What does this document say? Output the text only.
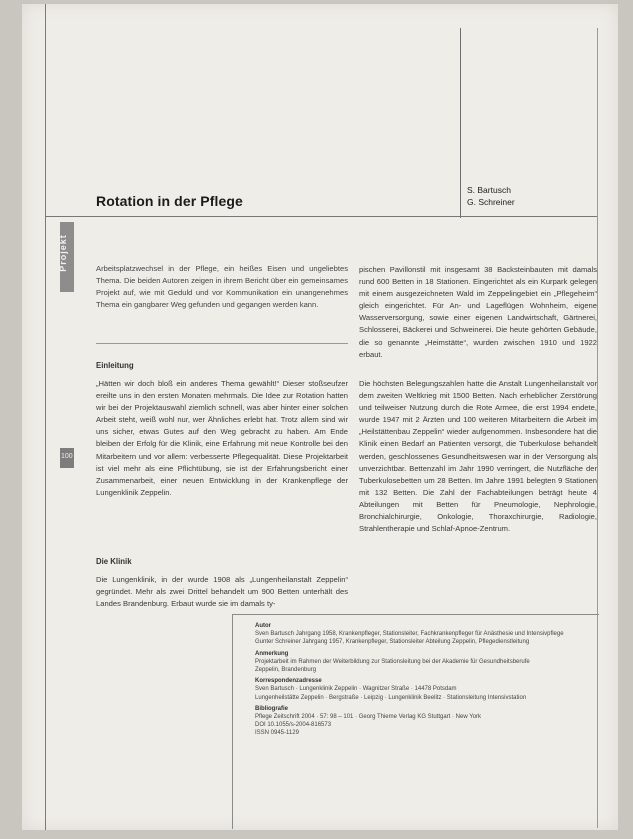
Rotation in der Pflege
S. Bartusch
G. Schreiner
Projekt
100
Arbeitsplatzwechsel in der Pflege, ein heißes Eisen und ungeliebtes Thema. Die beiden Autoren zeigen in ihrem Bericht über ein gemeinsames Projekt auf, wie mit Geduld und vor Kommunikation ein unangenehmes Thema ein gangbarer Weg gefunden und gegangen werden kann.
Einleitung
„Hätten wir doch bloß ein anderes Thema gewählt!“ Dieser stoßseufzer ereilte uns in den ersten Monaten mehrmals. Die Idee zur Rotation hatten wir bei der Projektauswahl ziemlich schnell, was aber hinter einer solchen Arbeit steht, weiß wohl nur, wer Ähnliches erlebt hat. Trotz allem sind wir uns sicher, etwas Gutes auf den Weg gebracht zu haben. Am Ende bleiben der Erfolg für die Klinik, eine Erfahrung mit neue Kontrolle bei den Mitarbeitern und vor allem: verbesserte Pflegequalität. Diese Projektarbeit ist viel mehr als eine Pflichtübung, sie ist der Erfahrungsbericht einer Zusammenarbeit, einer neuen Entwicklung in der Krankenpflege der Lungenklinik Zeppelin.
Die Klinik
Die Lungenklinik, in der wurde 1908 als „Lungenheilanstalt Zeppelin“ gegründet. Mehr als zwei Drittel behandelt um 900 Betten unterhält des Landes Brandenburg. Erbaut wurde sie im damals ty-
pischen Pavillonstil mit insgesamt 38 Backsteinbauten mit damals rund 600 Betten in 18 Stationen. Eingerichtet als ein Kurpark gelegen mit einem ausgezeichneten Wald im Zeppelingebiet ein „Pflegeheim“ gleich eingerichtet. Für An- und Lageflügen Wohnheim, eigene Wasserversorgung, sowie einer eigenen Landwirtschaft, Gärtnerei, Schlosserei, Bäckerei und Schweinerei. Die heute gehörten Gebäude, die so genannte „Heimstätte“, wurden zwischen 1910 und 1922 erbaut.
Die höchsten Belegungszahlen hatte die Anstalt Lungenheilanstalt vor dem zweiten Weltkrieg mit 1500 Betten. Nach erheblicher Zerstörung und teilweiser Nutzung durch die Rote Armee, die erst 1994 endete, wurde 1947 mit 2 Ärzten und 100 weiteren Mitarbeitern die Arbeit im „Heilstättenbau Zeppelin“ wieder aufgenommen. Insbesondere hat die Klinik einen Bedarf an Patienten versorgt, die Tuberkulose behandelt werden, geschlossenes Gesundheitswesen war in der Versorgung als unverzichtbar. Bettenzahl im Jahr 1990 verringert, die Nutzfläche der Tuberkulosebetten um 28 Betten. Im Jahre 1991 belegten 9 Stationen mit 132 Betten. Die Zahl der Fachabteilungen beträgt heute 4 Abteilungen mit Betten für Pneumologie, Nephrologie, Bronchialchirurgie, Onkologie, Thoraxchirurgie, Radiologie, Strahlentherapie und Schlaf-Apnoe-Zentrum.
Autor
Sven Bartusch Jahrgang 1958, Krankenpfleger, Stationsleiter, Fachkrankenpfleger für Anästhesie und Intensivpflege
Gunter Schreiner Jahrgang 1957, Krankenpfleger, Stationsleiter Abteilung Zeppelin, Pflegedienstleitung
Anmerkung
Projektarbeit im Rahmen der Weiterbildung zur Stationsleitung bei der Akademie für Gesundheitsberufe
Zeppelin, Brandenburg
Korrespondenzadresse
Sven Bartusch · Lungenklinik Zeppelin · Wagnitzer Straße · 14478 Potsdam
Lungenheilstätte Zeppelin · Bergstraße · Leipzig · Lungenklinik Beelitz · Stationsleitung Intensivstation
Bibliografie
Pflege Zeitschrift 2004 · 57: 98 – 101 · Georg Thieme Verlag KG Stuttgart · New York
DOI 10.1055/s-2004-816573
ISSN 0945-1129
